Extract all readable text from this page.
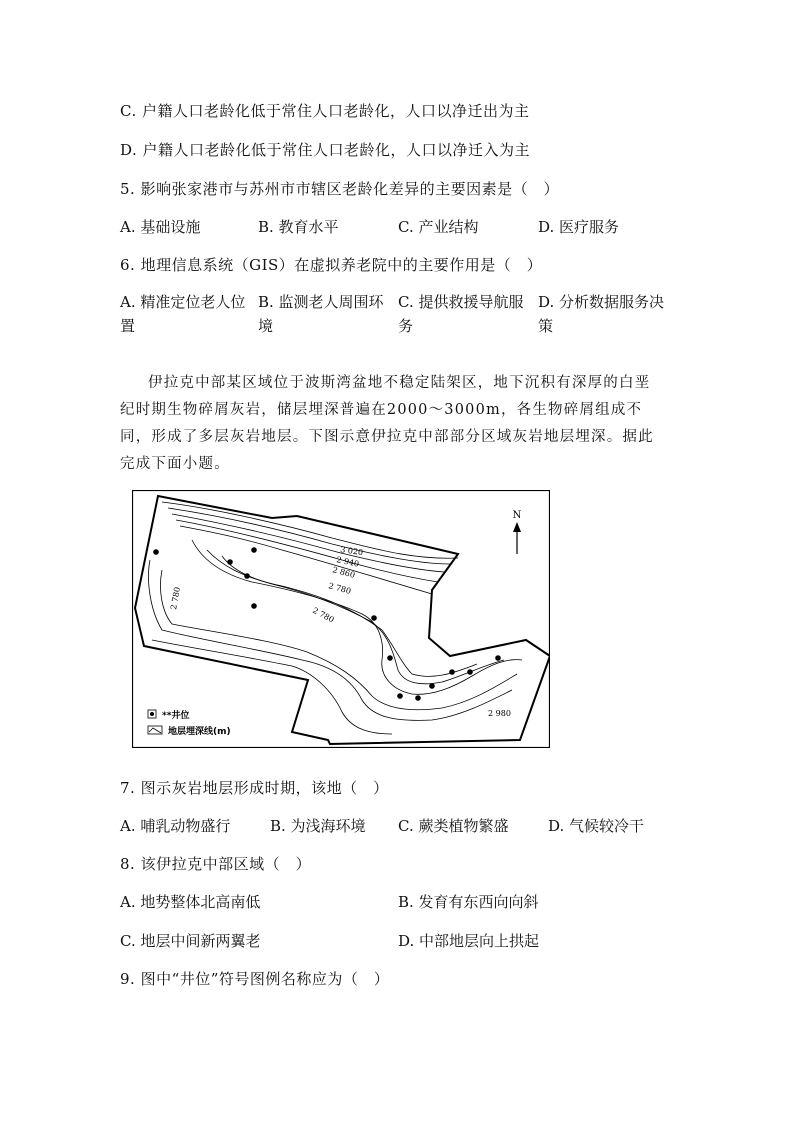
C. 户籍人口老龄化低于常住人口老龄化，人口以净迁出为主
D. 户籍人口老龄化低于常住人口老龄化，人口以净迁入为主
5. 影响张家港市与苏州市市辖区老龄化差异的主要因素是（　）
A. 基础设施	B. 教育水平	C. 产业结构	D. 医疗服务
6. 地理信息系统（GIS）在虚拟养老院中的主要作用是（　）
A. 精准定位老人位
置
B. 监测老人周围环
境
C. 提供救援导航服
务
D. 分析数据服务决
策
伊拉克中部某区域位于波斯湾盆地不稳定陆架区，地下沉积有深厚的白垩纪时期生物碎屑灰岩，储层埋深普遍在2000～3000m，各生物碎屑组成不同，形成了多层灰岩地层。下图示意伊拉克中部部分区域灰岩地层埋深。据此完成下面小题。
N
3 020
2 940
2 860
2 780
2 780
2 780
2 980
**井位
地层埋深线(m)
7. 图示灰岩地层形成时期，该地（　）
A. 哺乳动物盛行	B. 为浅海环境 C. 蕨类植物繁盛	D. 气候较冷干
8. 该伊拉克中部区域（　）
A. 地势整体北高南低	B. 发育有东西向向斜
C. 地层中间新两翼老	D. 中部地层向上拱起
9. 图中“井位”符号图例名称应为（　）
